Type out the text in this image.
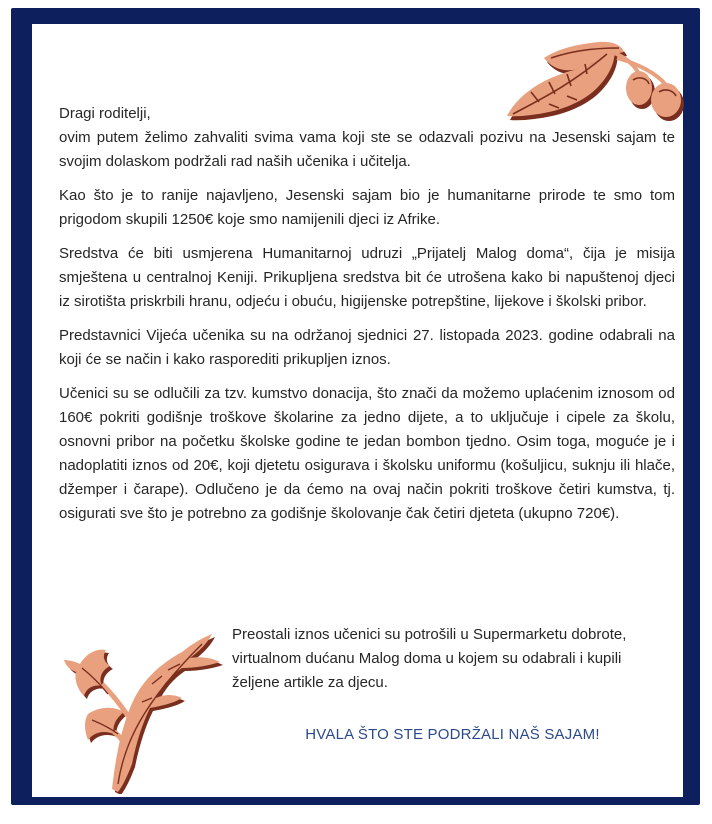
Dragi roditelji,

ovim putem želimo zahvaliti svima vama koji ste se odazvali pozivu na Jesenski sajam te svojim dolaskom podržali rad naših učenika i učitelja.

Kao što je to ranije najavljeno, Jesenski sajam bio je humanitarne prirode te smo tom prigodom skupili 1250€ koje smo namijenili djeci iz Afrike.

Sredstva će biti usmjerena Humanitarnoj udruzi „Prijatelj Malog doma“, čija je misija smještena u centralnoj Keniji. Prikupljena sredstva bit će utrošena kako bi napuštenoj djeci iz sirotišta priskrbili hranu, odjeću i obuću, higijenske potrepštine, lijekove i školski pribor.

Predstavnici Vijeća učenika su na održanoj sjednici 27. listopada 2023. godine odabrali na koji će se način i kako rasporediti prikupljen iznos.

Učenici su se odlučili za tzv. kumstvo donacija, što znači da možemo uplaćenim iznosom od 160€ pokriti godišnje troškove školarine za jedno dijete, a to uključuje i cipele za školu, osnovni pribor na početku školske godine te jedan bombon tjedno. Osim toga, moguće je i nadoplatiti iznos od 20€, koji djetetu osigurava i školsku uniformu (košuljicu, suknju ili hlače, džemper i čarape). Odlučeno je da ćemo na ovaj način pokriti troškove četiri kumstva, tj. osigurati sve što je potrebno za godišnje školovanje čak četiri djeteta (ukupno 720€).

Preostali iznos učenici su potrošili u Supermarketu dobrote, virtualnom dućanu Malog doma u kojem su odabrali i kupili željene artikle za djecu.

HVALA ŠTO STE PODRŽALI NAŠ SAJAM!
